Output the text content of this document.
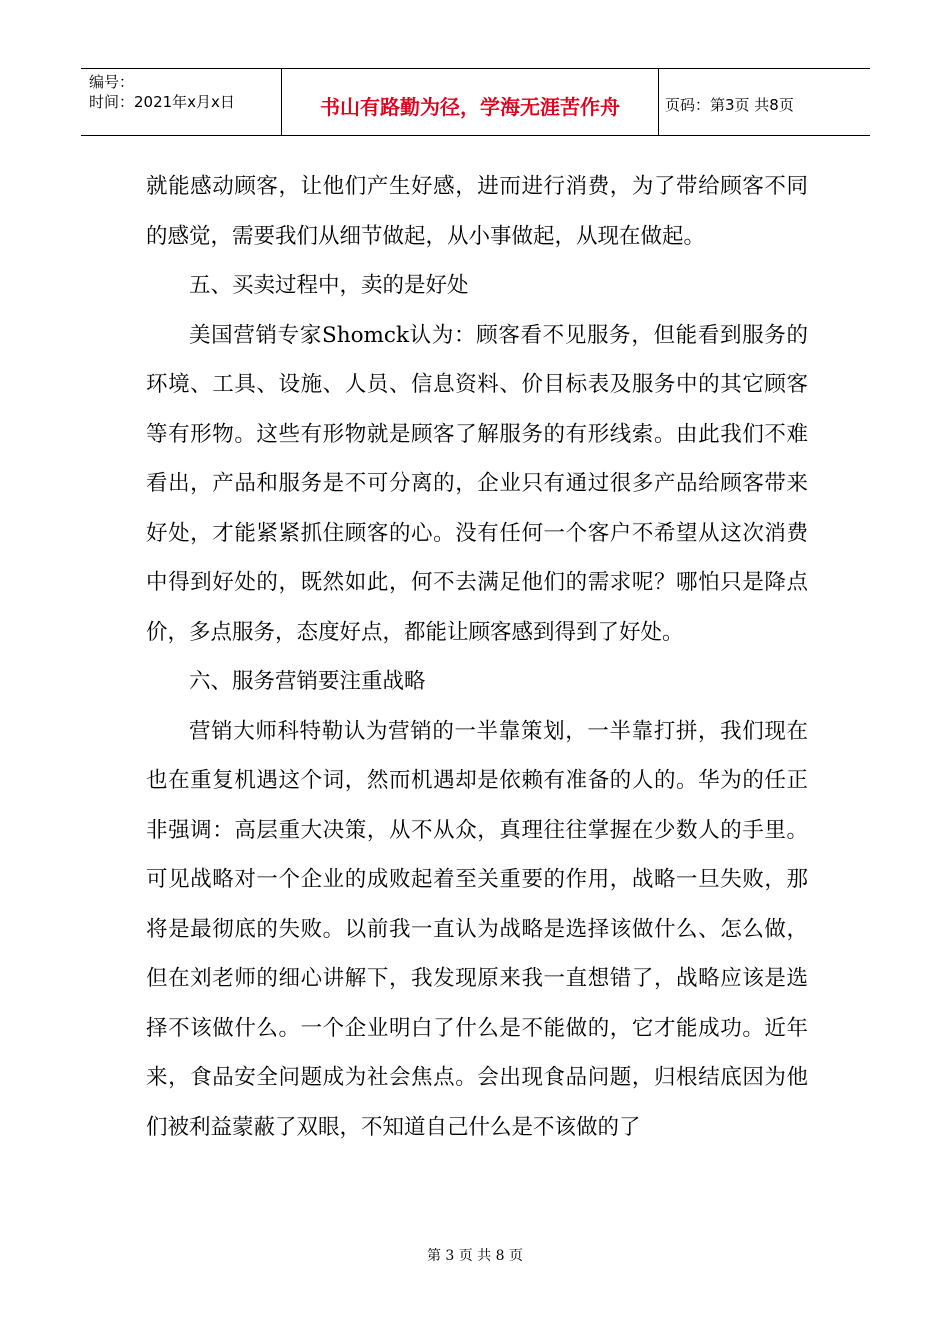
编号：
时间：2021年x月x日	书山有路勤为径，学海无涯苦作舟	页码：第3页 共8页

就能感动顾客，让他们产生好感，进而进行消费，为了带给顾客不同的感觉，需要我们从细节做起，从小事做起，从现在做起。

五、买卖过程中，卖的是好处

美国营销专家Shomck认为：顾客看不见服务，但能看到服务的环境、工具、设施、人员、信息资料、价目标表及服务中的其它顾客等有形物。这些有形物就是顾客了解服务的有形线索。由此我们不难看出，产品和服务是不可分离的，企业只有通过很多产品给顾客带来好处，才能紧紧抓住顾客的心。没有任何一个客户不希望从这次消费中得到好处的，既然如此，何不去满足他们的需求呢？哪怕只是降点价，多点服务，态度好点，都能让顾客感到得到了好处。

六、服务营销要注重战略

营销大师科特勒认为营销的一半靠策划，一半靠打拼，我们现在也在重复机遇这个词，然而机遇却是依赖有准备的人的。华为的任正非强调：高层重大决策，从不从众，真理往往掌握在少数人的手里。可见战略对一个企业的成败起着至关重要的作用，战略一旦失败，那将是最彻底的失败。以前我一直认为战略是选择该做什么、怎么做，但在刘老师的细心讲解下，我发现原来我一直想错了，战略应该是选择不该做什么。一个企业明白了什么是不能做的，它才能成功。近年来，食品安全问题成为社会焦点。会出现食品问题，归根结底因为他们被利益蒙蔽了双眼，不知道自己什么是不该做的了

第 3 页 共 8 页
